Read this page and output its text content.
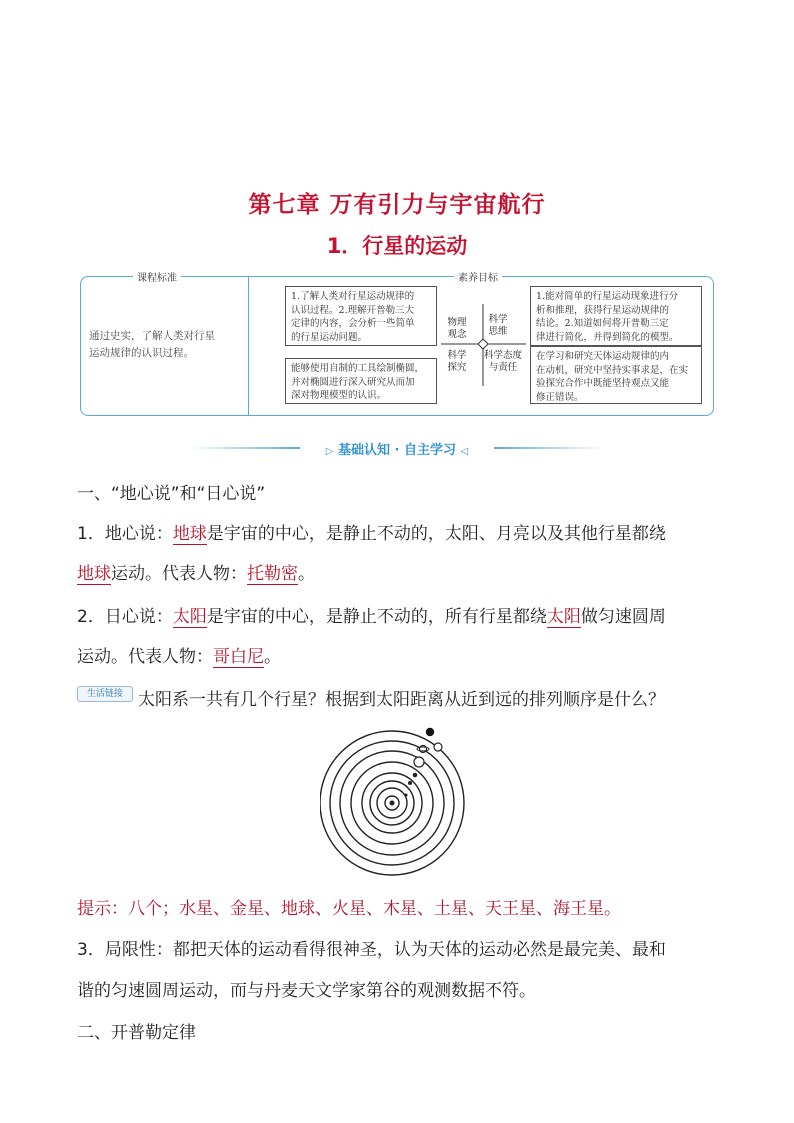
第七章 万有引力与宇宙航行
1．行星的运动
课程标准	素养目标
通过史实，了解人类对行星
运动规律的认识过程。
1.了解人类对行星运动规律的
认识过程。2.理解开普勒三大
定律的内容，会分析一些简单
的行星运动问题。
能够使用自制的工具绘制椭圆，
并对椭圆进行深入研究从而加
深对物理模型的认识。
1.能对简单的行星运动现象进行分
析和推理，获得行星运动规律的
结论。2.知道如何将开普勒三定
律进行简化，并得到简化的模型。
在学习和研究天体运动规律的内
在动机，研究中坚持实事求是，在实
验探究合作中既能坚持观点又能
修正错误。
物理
观念
科学
思维
科学
探究
科学态度
与责任
▷ 基础认知 · 自主学习 ◁
一、“地心说”和“日心说”
1．地心说：地球是宇宙的中心，是静止不动的，太阳、月亮以及其他行星都绕
地球运动。代表人物：托勒密。
2．日心说：太阳是宇宙的中心，是静止不动的，所有行星都绕太阳做匀速圆周
运动。代表人物：哥白尼。
生活链接 太阳系一共有几个行星？根据到太阳距离从近到远的排列顺序是什么？
提示：八个；水星、金星、地球、火星、木星、土星、天王星、海王星。
3．局限性：都把天体的运动看得很神圣，认为天体的运动必然是最完美、最和
谐的匀速圆周运动，而与丹麦天文学家第谷的观测数据不符。
二、开普勒定律
